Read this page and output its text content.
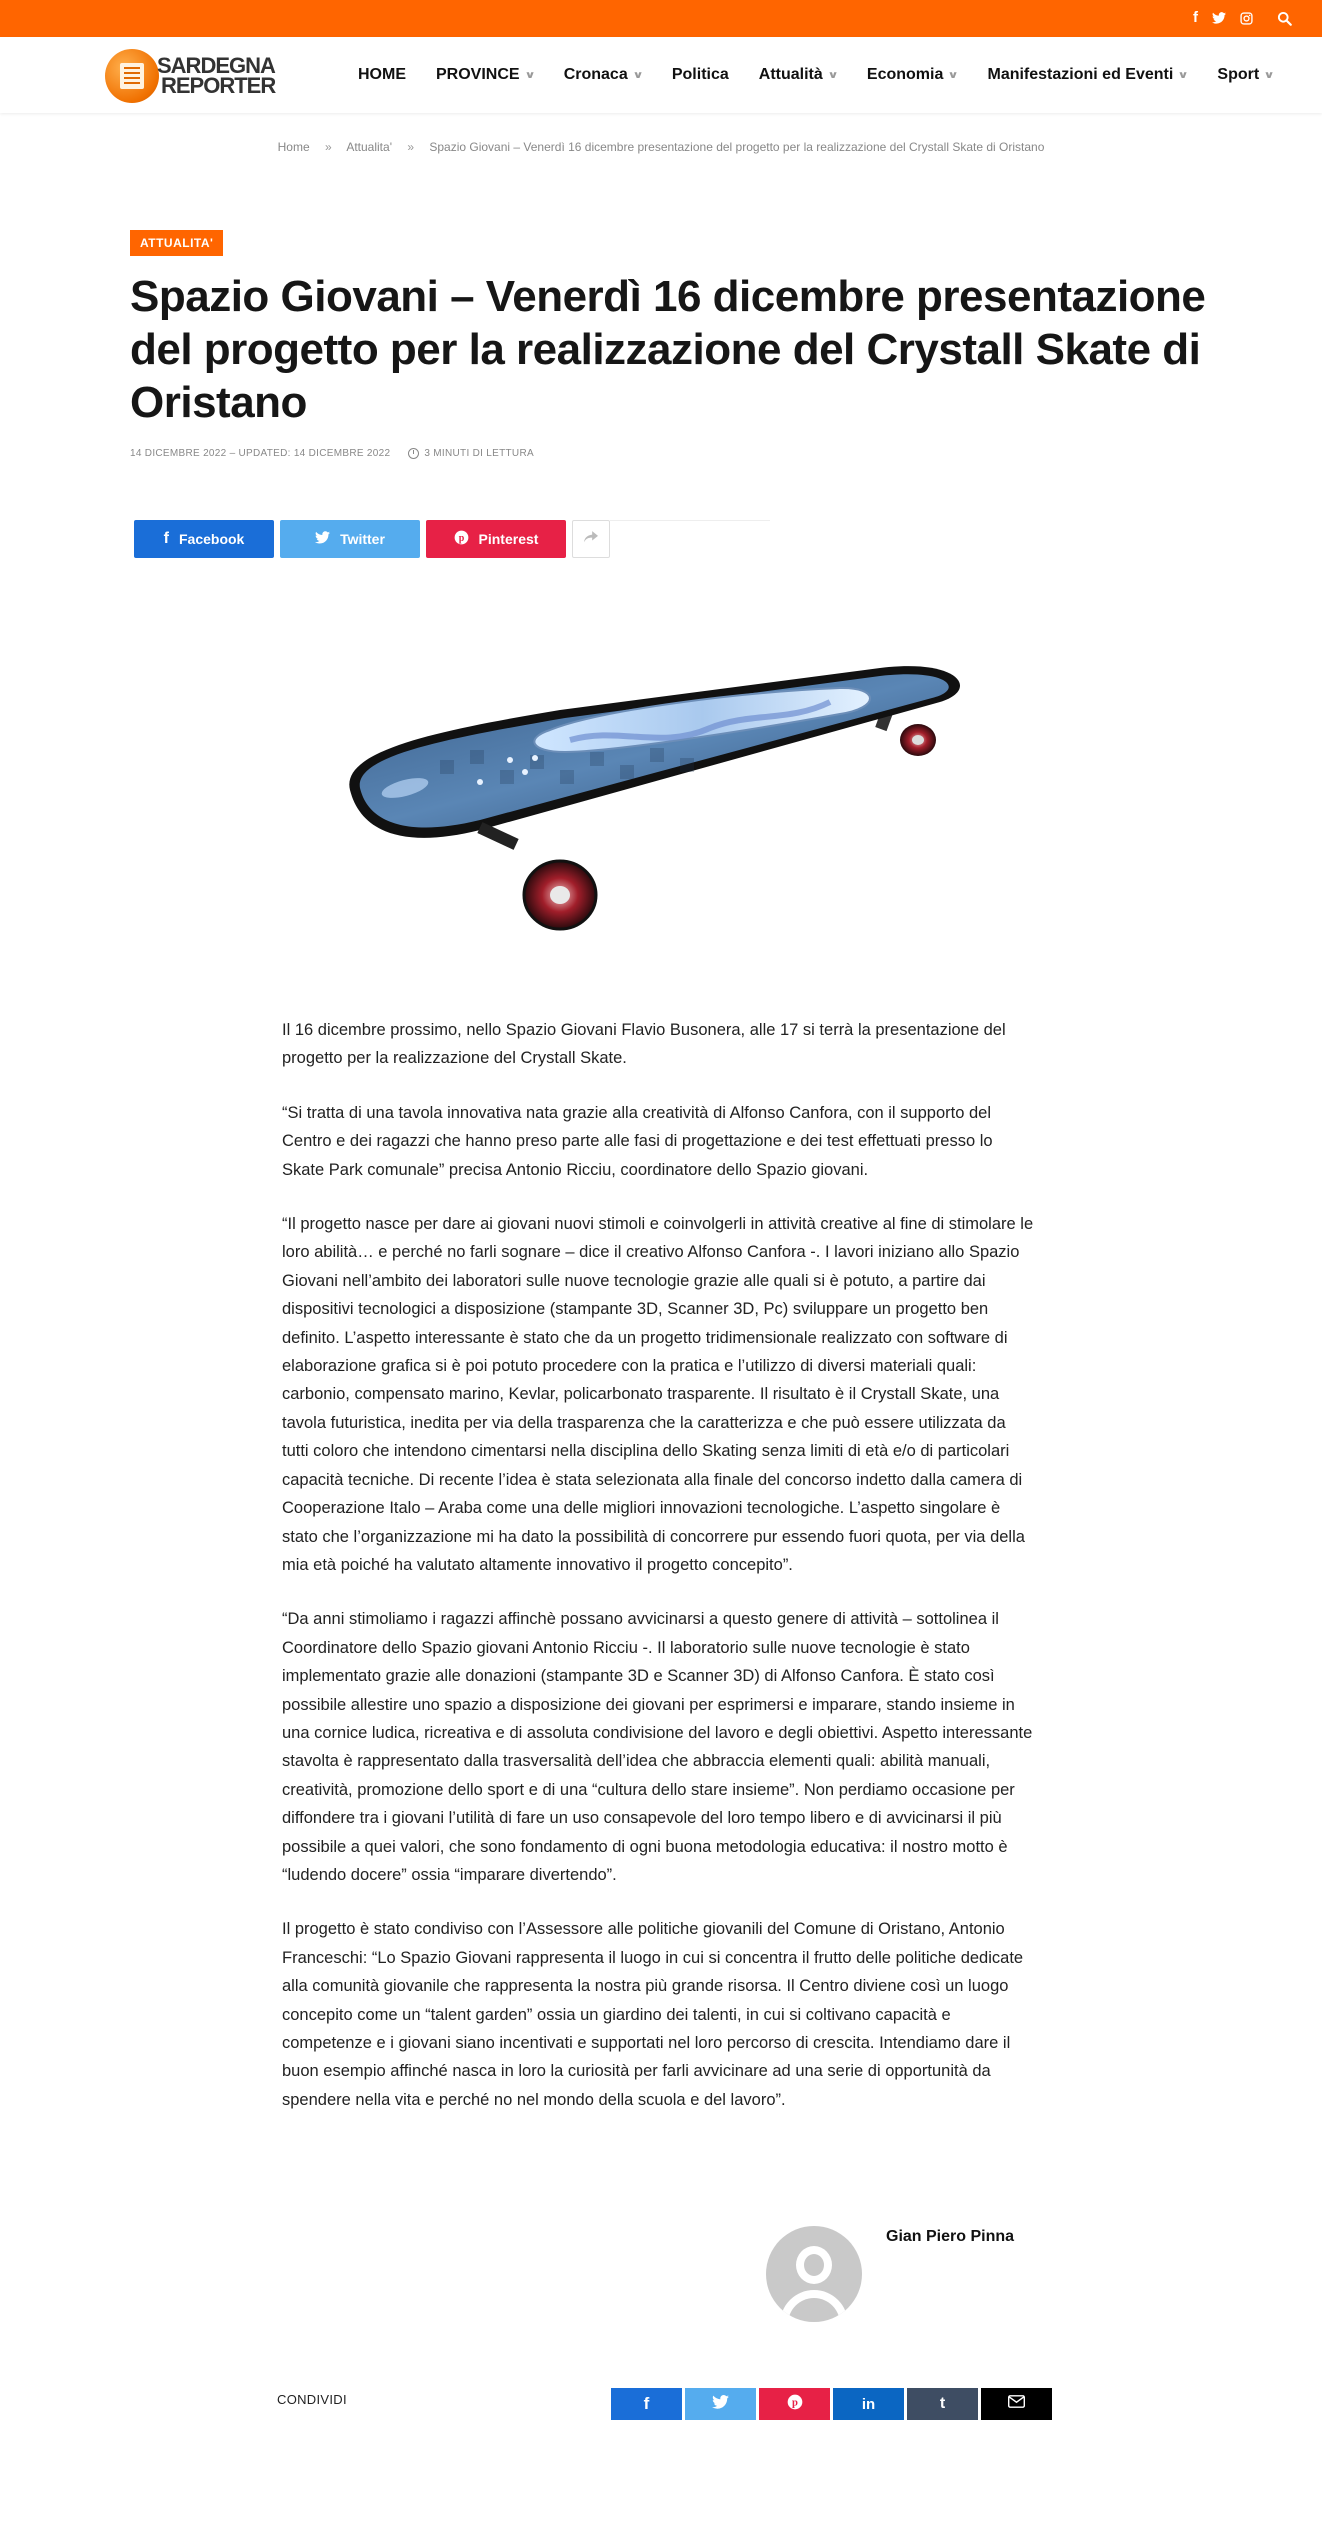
f
SARDEGNA
REPORTER	HOME PROVINCE ∨ Cronaca ∨ Politica Attualità ∨ Economia ∨ Manifestazioni ed Eventi ∨ Sport ∨
Home » Attualita' » Spazio Giovani – Venerdì 16 dicembre presentazione del progetto per la realizzazione del Crystall Skate di Oristano
ATTUALITA'
Spazio Giovani – Venerdì 16 dicembre presentazione del progetto per la realizzazione del Crystall Skate di Oristano
14 DICEMBRE 2022 – UPDATED: 14 DICEMBRE 2022	3 MINUTI DI LETTURA
f Facebook	Twitter	p Pinterest

Il 16 dicembre prossimo, nello Spazio Giovani Flavio Busonera, alle 17 si terrà la presentazione del progetto per la realizzazione del Crystall Skate.

“Si tratta di una tavola innovativa nata grazie alla creatività di Alfonso Canfora, con il supporto del Centro e dei ragazzi che hanno preso parte alle fasi di progettazione e dei test effettuati presso lo Skate Park comunale” precisa Antonio Ricciu, coordinatore dello Spazio giovani.

“Il progetto nasce per dare ai giovani nuovi stimoli e coinvolgerli in attività creative al fine di stimolare le loro abilità… e perché no farli sognare – dice il creativo Alfonso Canfora -. I lavori iniziano allo Spazio Giovani nell’ambito dei laboratori sulle nuove tecnologie grazie alle quali si è potuto, a partire dai dispositivi tecnologici a disposizione (stampante 3D, Scanner 3D, Pc) sviluppare un progetto ben definito. L’aspetto interessante è stato che da un progetto tridimensionale realizzato con software di elaborazione grafica si è poi potuto procedere con la pratica e l’utilizzo di diversi materiali quali: carbonio, compensato marino, Kevlar, policarbonato trasparente. Il risultato è il Crystall Skate, una tavola futuristica, inedita per via della trasparenza che la caratterizza e che può essere utilizzata da tutti coloro che intendono cimentarsi nella disciplina dello Skating senza limiti di età e/o di particolari capacità tecniche. Di recente l’idea è stata selezionata alla finale del concorso indetto dalla camera di Cooperazione Italo – Araba come una delle migliori innovazioni tecnologiche. L’aspetto singolare è stato che l’organizzazione mi ha dato la possibilità di concorrere pur essendo fuori quota, per via della mia età poiché ha valutato altamente innovativo il progetto concepito”.

“Da anni stimoliamo i ragazzi affinchè possano avvicinarsi a questo genere di attività – sottolinea il Coordinatore dello Spazio giovani Antonio Ricciu -. Il laboratorio sulle nuove tecnologie è stato implementato grazie alle donazioni (stampante 3D e Scanner 3D) di Alfonso Canfora. È stato così possibile allestire uno spazio a disposizione dei giovani per esprimersi e imparare, stando insieme in una cornice ludica, ricreativa e di assoluta condivisione del lavoro e degli obiettivi. Aspetto interessante stavolta è rappresentato dalla trasversalità dell’idea che abbraccia elementi quali: abilità manuali, creatività, promozione dello sport e di una “cultura dello stare insieme”. Non perdiamo occasione per diffondere tra i giovani l’utilità di fare un uso consapevole del loro tempo libero e di avvicinarsi il più possibile a quei valori, che sono fondamento di ogni buona metodologia educativa: il nostro motto è “ludendo docere” ossia “imparare divertendo”.

Il progetto è stato condiviso con l’Assessore alle politiche giovanili del Comune di Oristano, Antonio Franceschi: “Lo Spazio Giovani rappresenta il luogo in cui si concentra il frutto delle politiche dedicate alla comunità giovanile che rappresenta la nostra più grande risorsa. Il Centro diviene così un luogo concepito come un “talent garden” ossia un giardino dei talenti, in cui si coltivano capacità e competenze e i giovani siano incentivati e supportati nel loro percorso di crescita. Intendiamo dare il buon esempio affinché nasca in loro la curiosità per farli avvicinare ad una serie di opportunità da spendere nella vita e perché no nel mondo della scuola e del lavoro”.

Gian Piero Pinna
CONDIVIDI	f	p	in	t
